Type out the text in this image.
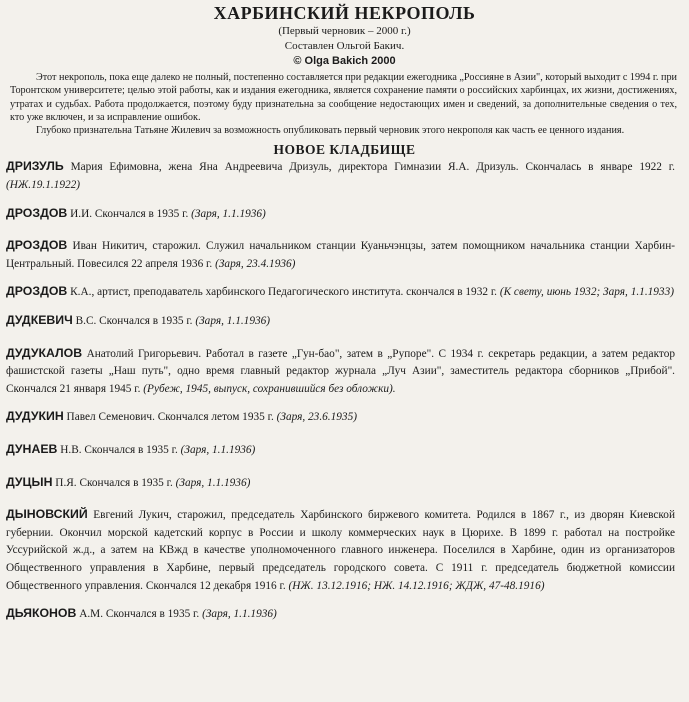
ХАРБИНСКИЙ НЕКРОПОЛЬ
(Первый черновик – 2000 г.)
Составлен Ольгой Бакич.
© Olga Bakich 2000

Этот некрополь, пока еще далеко не полный, постепенно составляется при редакции ежегодника „Россияне в Азии", который выходит с 1994 г. при Торонтском университете; целью этой работы, как и издания ежегодника, является сохранение памяти о российских харбинцах, их жизни, достижениях, утратах и судьбах. Работа продолжается, поэтому буду признательна за сообщение недостающих имен и сведений, за дополнительные сведения о тех, кто уже включен, и за исправление ошибок.

Глубоко признательна Татьяне Жилевич за возможность опубликовать первый черновик этого некрополя как часть ее ценного издания.

НОВОЕ КЛАДБИЩЕ
ДРИЗУЛЬ Мария Ефимовна, жена Яна Андреевича Дризуль, директора Гимназии Я.А. Дризуль. Скончалась в январе 1922 г. (НЖ.19.1.1922)
ДРОЗДОВ И.И. Скончался в 1935 г. (Заря, 1.1.1936)
ДРОЗДОВ Иван Никитич, старожил. Служил начальником станции Куаньчэнцзы, затем помощником начальника станции Харбин-Центральный. Повесился 22 апреля 1936 г. (Заря, 23.4.1936)
ДРОЗДОВ К.А., артист, преподаватель харбинского Педагогического института. скончался в 1932 г. (К свету, июнь 1932; Заря, 1.1.1933)
ДУДКЕВИЧ В.С. Скончался в 1935 г. (Заря, 1.1.1936)
ДУДУКАЛОВ Анатолий Григорьевич. Работал в газете „Гун-бао", затем в „Рупоре". С 1934 г. секретарь редакции, а затем редактор фашистской газеты „Наш путь", одно время главный редактор журнала „Луч Азии", заместитель редактора сборников „Прибой". Скончался 21 января 1945 г. (Рубеж, 1945, выпуск, сохранившийся без обложки).
ДУДУКИН Павел Семенович. Скончался летом 1935 г. (Заря, 23.6.1935)
ДУНАЕВ Н.В. Скончался в 1935 г. (Заря, 1.1.1936)
ДУЦЫН П.Я. Скончался в 1935 г. (Заря, 1.1.1936)
ДЫНОВСКИЙ Евгений Лукич, старожил, председатель Харбинского биржевого комитета. Родился в 1867 г., из дворян Киевской губернии. Окончил морской кадетский корпус в России и школу коммерческих наук в Цюрихе. В 1899 г. работал на постройке Уссурийской ж.д., а затем на КВжд в качестве уполномоченного главного инженера. Поселился в Харбине, один из организаторов Общественного управления в Харбине, первый председатель городского совета. С 1911 г. председатель бюджетной комиссии Общественного управления. Скончался 12 декабря 1916 г. (НЖ. 13.12.1916; НЖ. 14.12.1916; ЖДЖ, 47-48.1916)
ДЬЯКОНОВ А.М. Скончался в 1935 г. (Заря, 1.1.1936)
